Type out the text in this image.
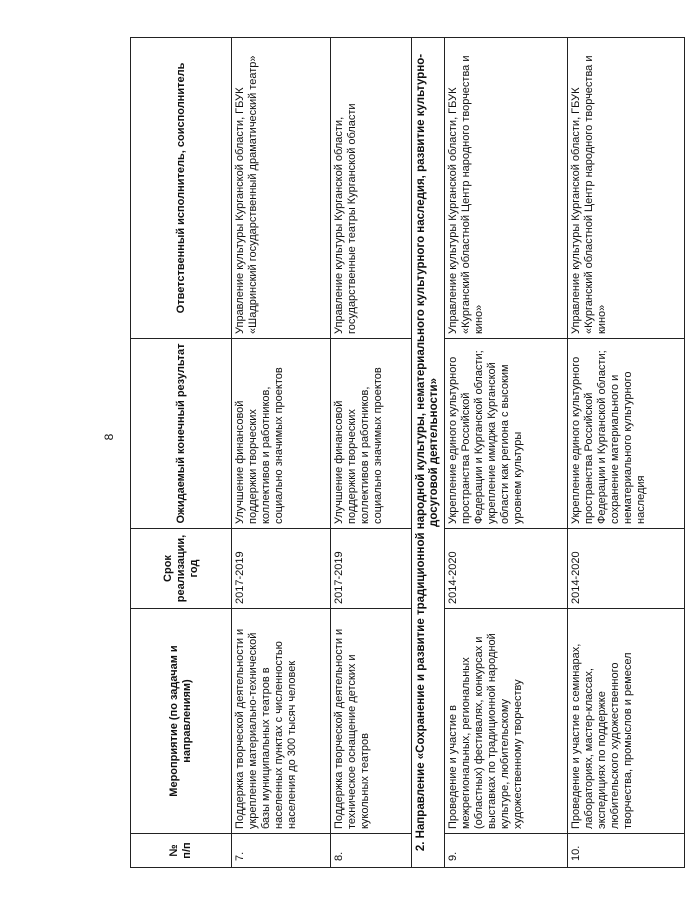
8
№ п/п	Мероприятие (по задачам и направлениям)	Срок реализации, год	Ожидаемый конечный результат	Ответственный исполнитель, соисполнитель
7.	Поддержка творческой деятельности и укрепление материально-технической базы муниципальных театров в населенных пунктах с численностью населения до 300 тысяч человек	2017-2019	Улучшение финансовой поддержки творческих коллективов и работников, социально значимых проектов	Управление культуры Курганской области, ГБУК «Шадринский государственный драматический театр»
8.	Поддержка творческой деятельности и техническое оснащение детских и кукольных театров	2017-2019	Улучшение финансовой поддержки творческих коллективов и работников, социально значимых проектов	Управление культуры Курганской области, государственные театры Курганской области
2. Направление «Сохранение и развитие традиционной народной культуры, нематериального культурного наследия, развитие культурно-досуговой деятельности»				
9.	Проведение и участие в межрегиональных, региональных (областных) фестивалях, конкурсах и выставках по традиционной народной культуре, любительскому художественному творчеству	2014-2020	Укрепление единого культурного пространства Российской Федерации и Курганской области; укрепление имиджа Курганской области как региона с высоким уровнем культуры	Управление культуры Курганской области, ГБУК «Курганский областной Центр народного творчества и кино»
10.	Проведение и участие в семинарах, лабораториях, мастер-классах, экспедициях по поддержке любительского художественного творчества, промыслов и ремесел	2014-2020	Укрепление единого культурного пространства Российской Федерации и Курганской области; сохранение материального и нематериального культурного наследия	Управление культуры Курганской области, ГБУК «Курганский областной Центр народного творчества и кино»
